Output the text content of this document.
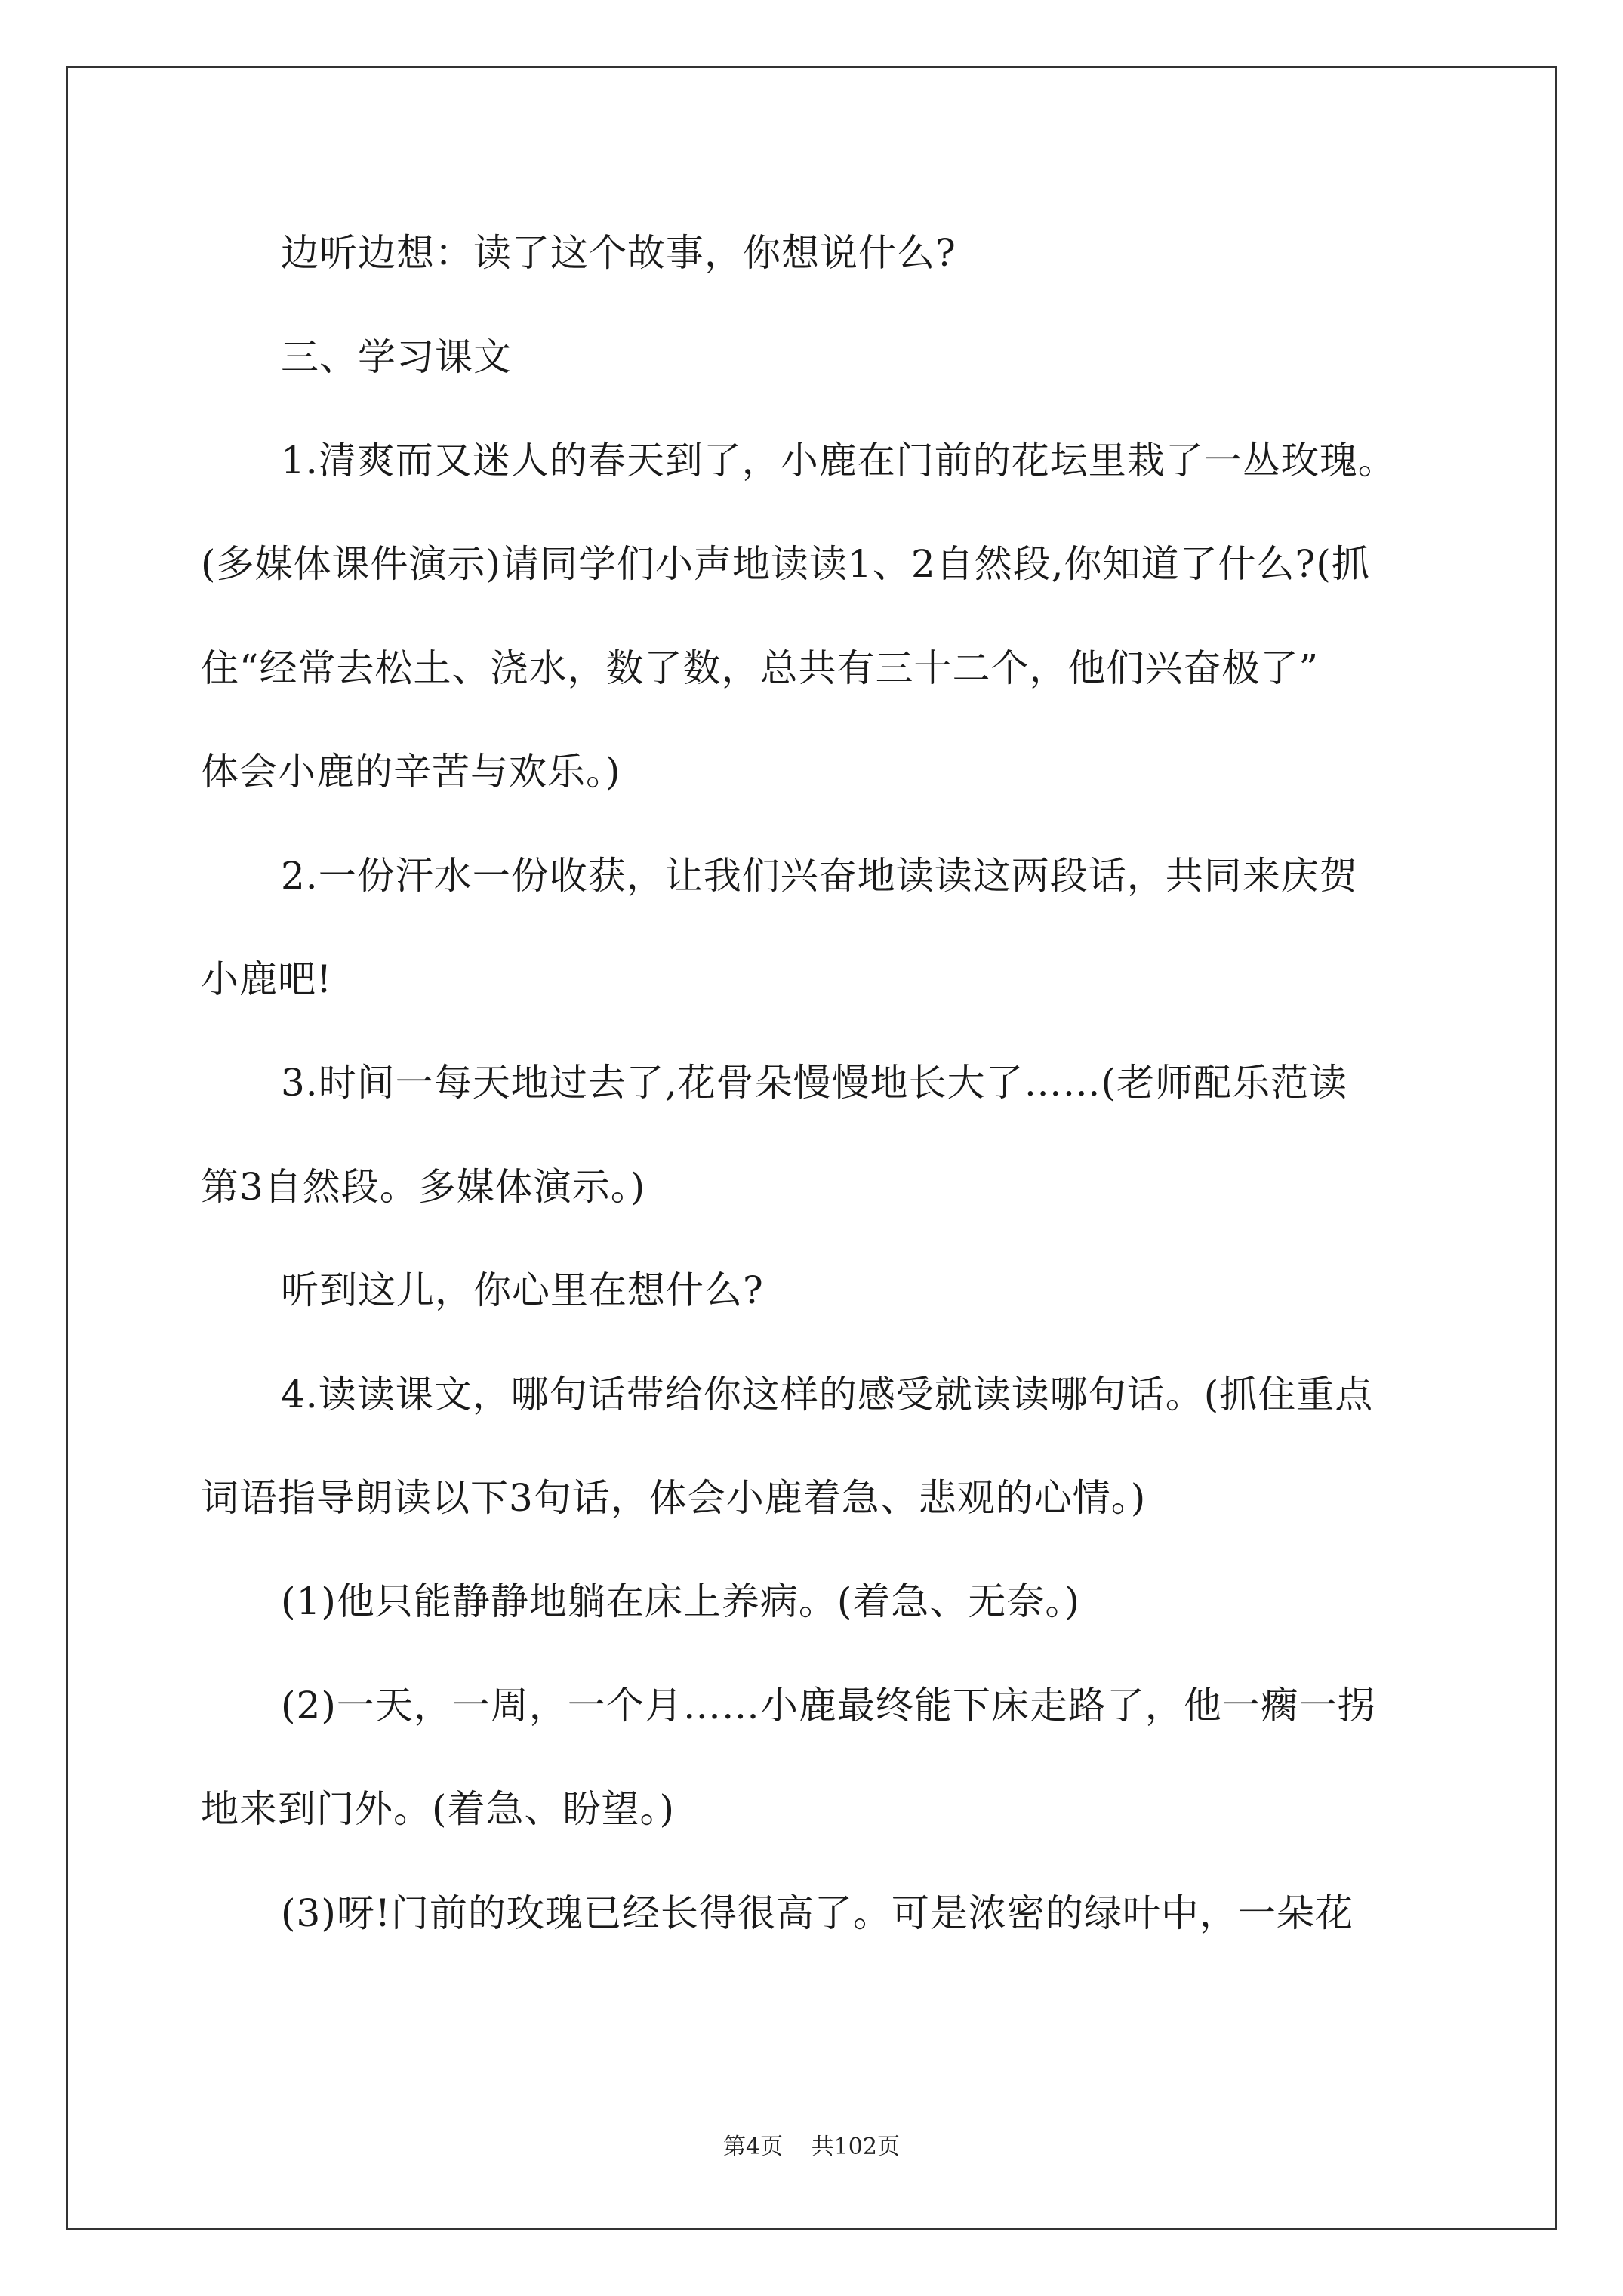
边听边想：读了这个故事，你想说什么?
三、学习课文
1.清爽而又迷人的春天到了，小鹿在门前的花坛里栽了一丛玫瑰。
(多媒体课件演示)请同学们小声地读读1、2自然段,你知道了什么?(抓
住“经常去松土、浇水，数了数，总共有三十二个，他们兴奋极了”
体会小鹿的辛苦与欢乐。)
2.一份汗水一份收获，让我们兴奋地读读这两段话，共同来庆贺
小鹿吧!
3.时间一每天地过去了,花骨朵慢慢地长大了……(老师配乐范读
第3自然段。多媒体演示。)
听到这儿，你心里在想什么?
4.读读课文，哪句话带给你这样的感受就读读哪句话。(抓住重点
词语指导朗读以下3句话，体会小鹿着急、悲观的心情。)
(1)他只能静静地躺在床上养病。(着急、无奈。)
(2)一天，一周，一个月……小鹿最终能下床走路了，他一瘸一拐
地来到门外。(着急、盼望。)
(3)呀!门前的玫瑰已经长得很高了。可是浓密的绿叶中，一朵花
第4页 共102页
